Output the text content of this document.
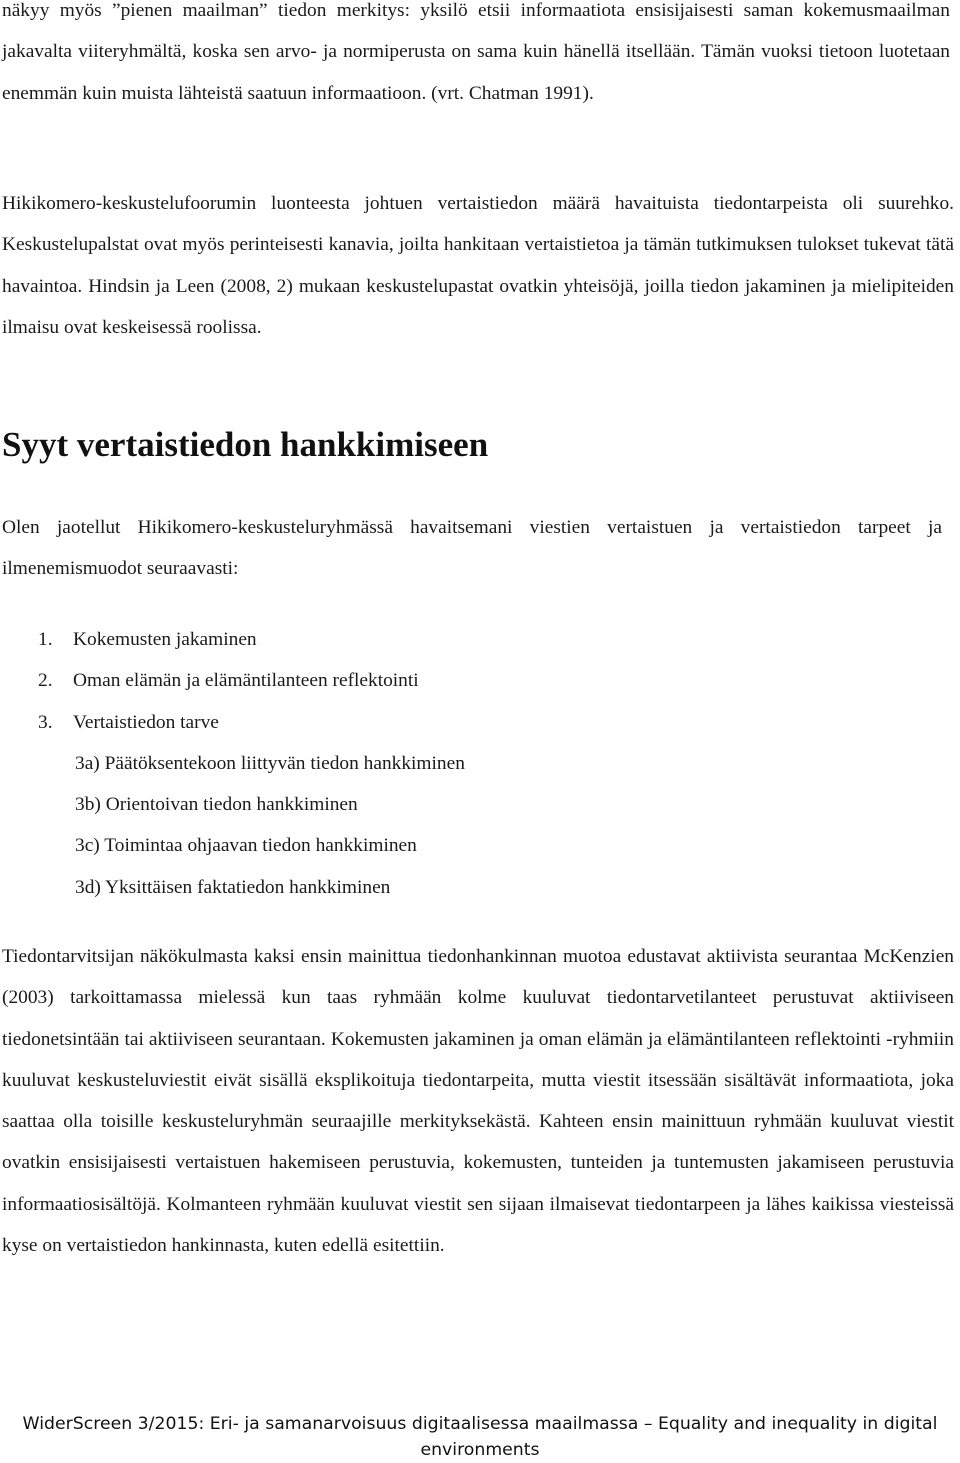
näkyy myös ”pienen maailman” tiedon merkitys: yksilö etsii informaatiota ensisijaisesti saman kokemusmaailman jakavalta viiteryhmältä, koska sen arvo- ja normiperusta on sama kuin hänellä itsellään. Tämän vuoksi tietoon luotetaan enemmän kuin muista lähteistä saatuun informaatioon. (vrt. Chatman 1991).

Hikikomero-keskustelufoorumin luonteesta johtuen vertaistiedon määrä havaituista tiedontarpeista oli suurehko. Keskustelupalstat ovat myös perinteisesti kanavia, joilta hankitaan vertaistietoa ja tämän tutkimuksen tulokset tukevat tätä havaintoa. Hindsin ja Leen (2008, 2) mukaan keskustelupastat ovatkin yhteisöjä, joilla tiedon jakaminen ja mielipiteiden ilmaisu ovat keskeisessä roolissa.

Syyt vertaistiedon hankkimiseen

Olen jaotellut Hikikomero-keskusteluryhmässä havaitsemani viestien vertaistuen ja vertaistiedon tarpeet ja ilmenemismuodot seuraavasti:

1. Kokemusten jakaminen
2. Oman elämän ja elämäntilanteen reflektointi
3. Vertaistiedon tarve
3a) Päätöksentekoon liittyvän tiedon hankkiminen
3b) Orientoivan tiedon hankkiminen
3c) Toimintaa ohjaavan tiedon hankkiminen
3d) Yksittäisen faktatiedon hankkiminen

Tiedontarvitsijan näkökulmasta kaksi ensin mainittua tiedonhankinnan muotoa edustavat aktiivista seurantaa McKenzien (2003) tarkoittamassa mielessä kun taas ryhmään kolme kuuluvat tiedontarvetilanteet perustuvat aktiiviseen tiedonetsintään tai aktiiviseen seurantaan. Kokemusten jakaminen ja oman elämän ja elämäntilanteen reflektointi -ryhmiin kuuluvat keskusteluviestit eivät sisällä eksplikoituja tiedontarpeita, mutta viestit itsessään sisältävät informaatiota, joka saattaa olla toisille keskusteluryhmän seuraajille merkityksekästä. Kahteen ensin mainittuun ryhmään kuuluvat viestit ovatkin ensisijaisesti vertaistuen hakemiseen perustuvia, kokemusten, tunteiden ja tuntemusten jakamiseen perustuvia informaatiosisältöjä. Kolmanteen ryhmään kuuluvat viestit sen sijaan ilmaisevat tiedontarpeen ja lähes kaikissa viesteissä kyse on vertaistiedon hankinnasta, kuten edellä esitettiin.

WiderScreen 3/2015: Eri- ja samanarvoisuus digitaalisessa maailmassa – Equality and inequality in digital environments
